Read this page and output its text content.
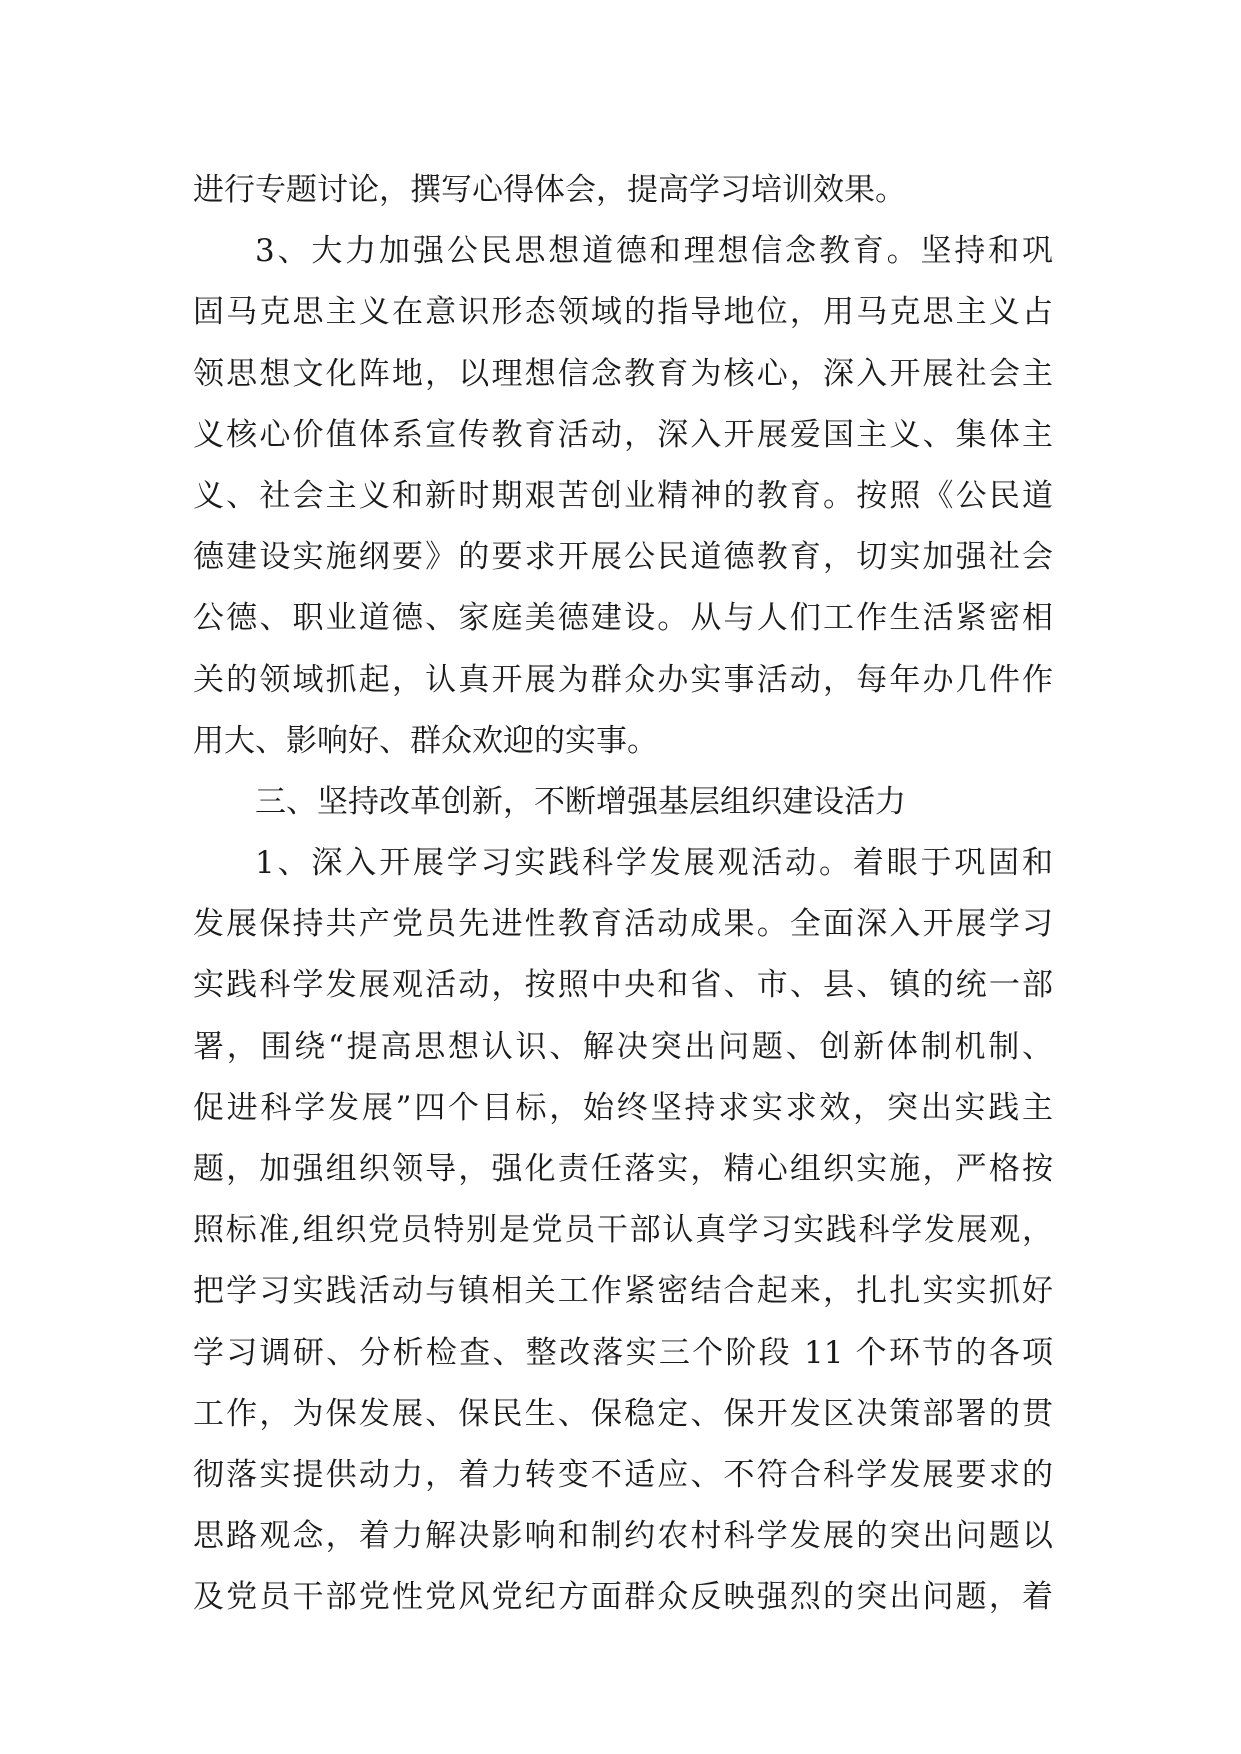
进行专题讨论，撰写心得体会，提高学习培训效果。
3、大力加强公民思想道德和理想信念教育。坚持和巩
固马克思主义在意识形态领域的指导地位，用马克思主义占
领思想文化阵地，以理想信念教育为核心，深入开展社会主
义核心价值体系宣传教育活动，深入开展爱国主义、集体主
义、社会主义和新时期艰苦创业精神的教育。按照《公民道
德建设实施纲要》的要求开展公民道德教育，切实加强社会
公德、职业道德、家庭美德建设。从与人们工作生活紧密相
关的领域抓起，认真开展为群众办实事活动，每年办几件作
用大、影响好、群众欢迎的实事。
三、坚持改革创新，不断增强基层组织建设活力
1、深入开展学习实践科学发展观活动。着眼于巩固和
发展保持共产党员先进性教育活动成果。全面深入开展学习
实践科学发展观活动，按照中央和省、市、县、镇的统一部
署，围绕“提高思想认识、解决突出问题、创新体制机制、
促进科学发展”四个目标，始终坚持求实求效，突出实践主
题，加强组织领导，强化责任落实，精心组织实施，严格按
照标准,组织党员特别是党员干部认真学习实践科学发展观，
把学习实践活动与镇相关工作紧密结合起来，扎扎实实抓好
学习调研、分析检查、整改落实三个阶段 11 个环节的各项
工作，为保发展、保民生、保稳定、保开发区决策部署的贯
彻落实提供动力，着力转变不适应、不符合科学发展要求的
思路观念，着力解决影响和制约农村科学发展的突出问题以
及党员干部党性党风党纪方面群众反映强烈的突出问题，着
